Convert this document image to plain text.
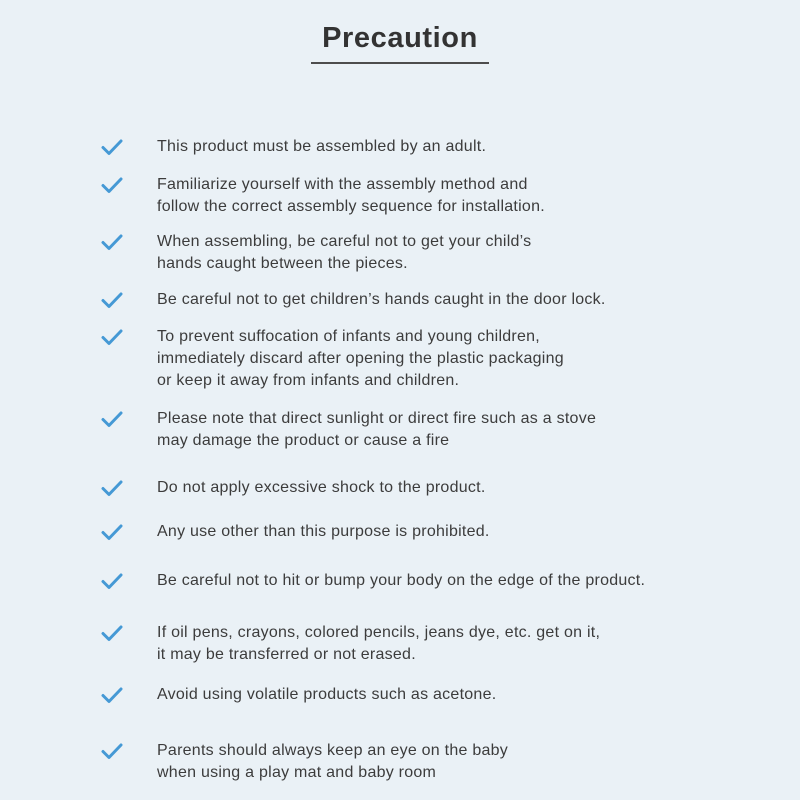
Precaution
This product must be assembled by an adult.
Familiarize yourself with the assembly method and
follow the correct assembly sequence for installation.
When assembling, be careful not to get your child’s
hands caught between the pieces.
Be careful not to get children’s hands caught in the door lock.
To prevent suffocation of infants and young children,
immediately discard after opening the plastic packaging
or keep it away from infants and children.
Please note that direct sunlight or direct fire such as a stove
may damage the product or cause a fire
Do not apply excessive shock to the product.
Any use other than this purpose is prohibited.
Be careful not to hit or bump your body on the edge of the product.
If oil pens, crayons, colored pencils, jeans dye, etc. get on it,
it may be transferred or not erased.
Avoid using volatile products such as acetone.
Parents should always keep an eye on the baby
when using a play mat and baby room
